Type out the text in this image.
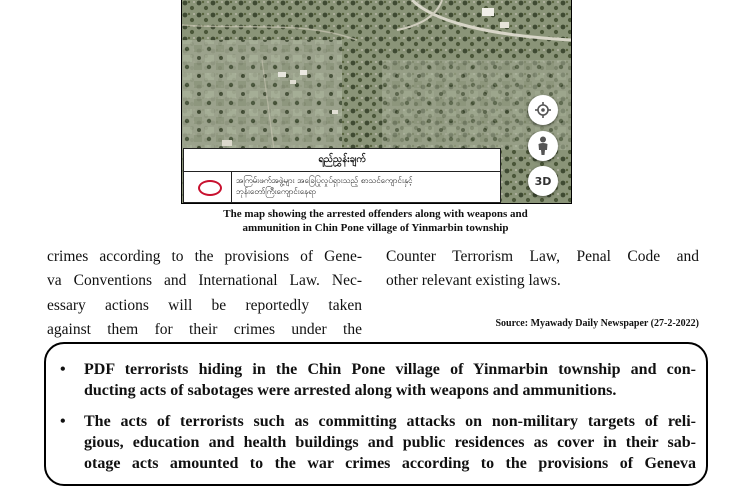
ရည်ညွှန်းချက်
အကြမ်းဖက်အဖွဲ့များ အခြေပြုလှုပ်ရှားသည့် စာသင်ကျောင်းနှင့်
ဘုန်းတော်ကြီးကျောင်းနေရာ
3D
The map showing the arrested offenders along with weapons and
ammunition in Chin Pone village of Yinmarbin township
crimes according to the provisions of Gene-
va Conventions and International Law. Nec-
essary actions will be reportedly taken
against them for their crimes under the
Counter Terrorism Law, Penal Code and
other relevant existing laws.
Source: Myawady Daily Newspaper (27-2-2022)
• PDF terrorists hiding in the Chin Pone village of Yinmarbin township and con-
ducting acts of sabotages were arrested along with weapons and ammunitions.
• The acts of terrorists such as committing attacks on non-military targets of reli-
gious, education and health buildings and public residences as cover in their sab-
otage acts amounted to the war crimes according to the provisions of Geneva
